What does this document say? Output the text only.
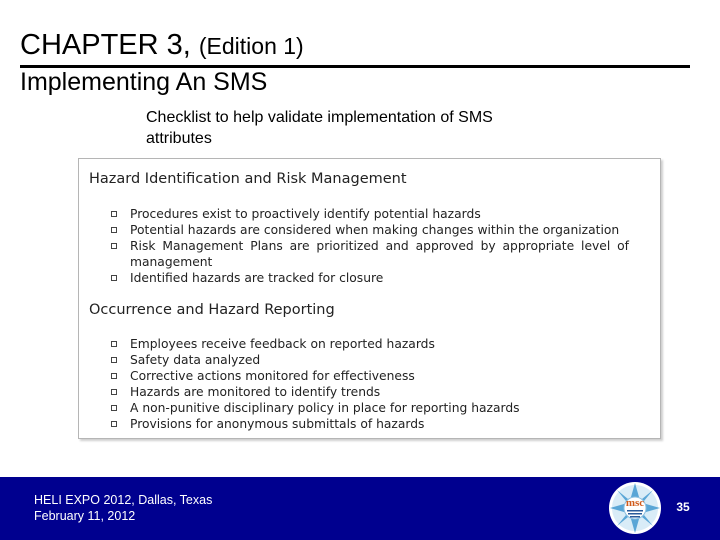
CHAPTER 3, (Edition 1)
Implementing An SMS
Checklist to help validate implementation of SMS attributes
Hazard Identification and Risk Management
Procedures exist to proactively identify potential hazards
Potential hazards are considered when making changes within the organization
Risk Management Plans are prioritized and approved by appropriate level of management
Identified hazards are tracked for closure
Occurrence and Hazard Reporting
Employees receive feedback on reported hazards
Safety data analyzed
Corrective actions monitored for effectiveness
Hazards are monitored to identify trends
A non-punitive disciplinary policy in place for reporting hazards
Provisions for anonymous submittals of hazards
HELI EXPO 2012, Dallas, Texas
February 11, 2012
msc	35
